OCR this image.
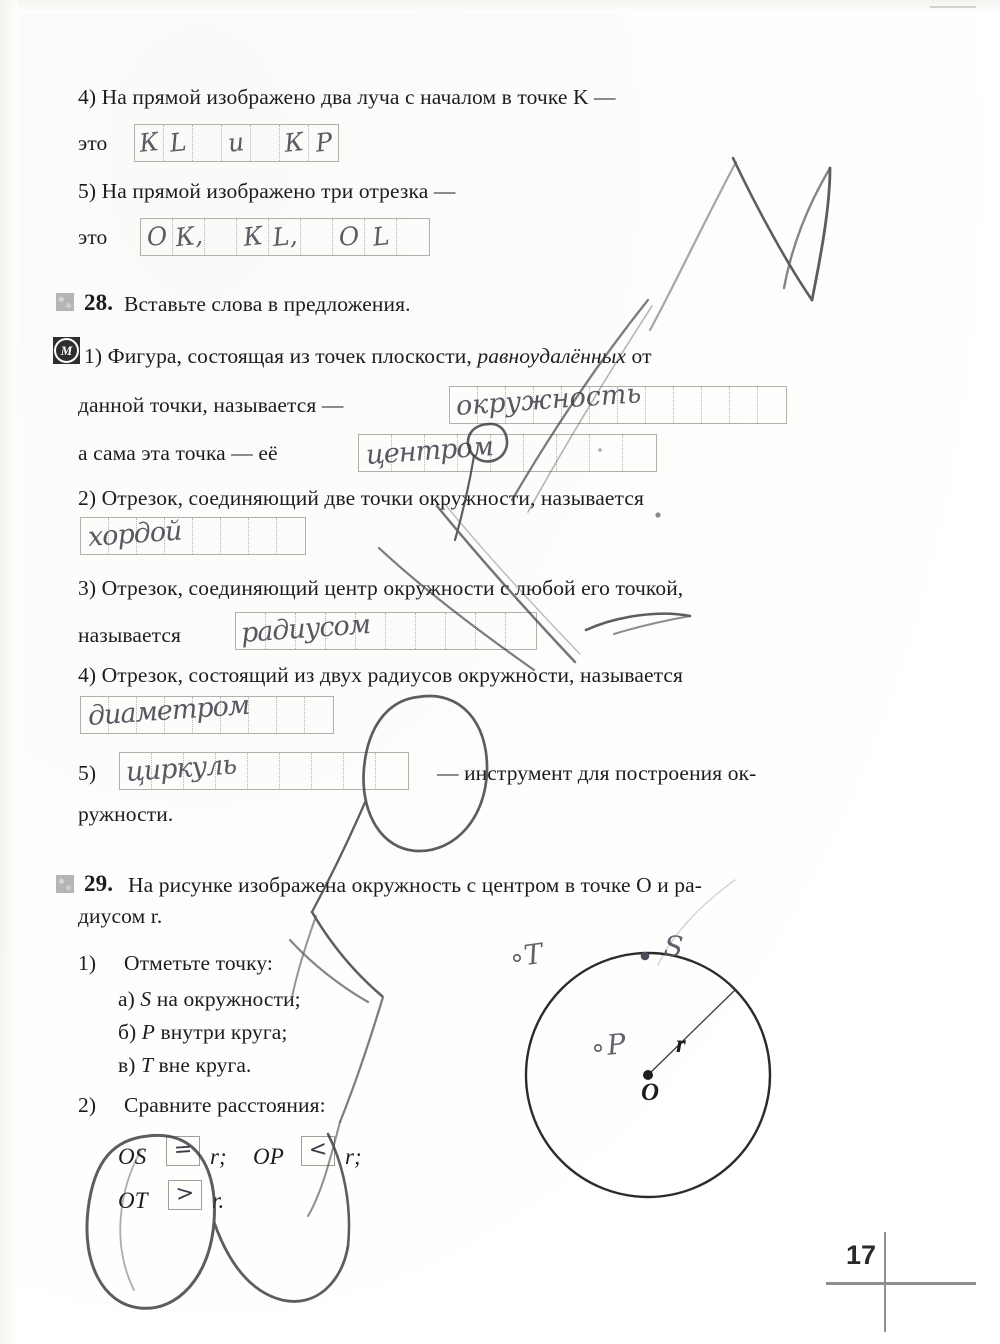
4) На прямой изображено два луча с началом в точке K —
это К L и К Р
5) На прямой изображено три отрезка —
это О К, К L, О L
28. Вставьте слова в предложения.
M 1) Фигура, состоящая из точек плоскости, равноудалённых от
данной точки, называется —	окружность
а сама эта точка — её	центром
2) Отрезок, соединяющий две точки окружности, называется
хордой
3) Отрезок, соединяющий центр окружности с любой его точкой,
называется радиусом
4) Отрезок, состоящий из двух радиусов окружности, называется
диаметром
5) циркуль	— инструмент для построения ок-
ружности.
29. На рисунке изображена окружность с центром в точке O и ра-
диусом r.
1) Отметьте точку:
а) S на окружности;
б) P внутри круга;
в) T вне круга.
2) Сравните расстояния:
OS = r; OP < r;
OT > r.
O
r
T	S
P
17
